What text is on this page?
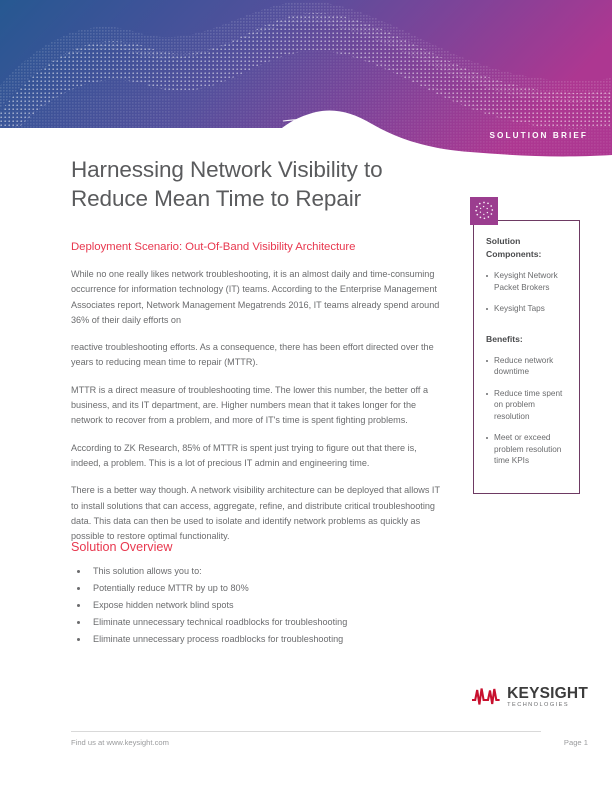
SOLUTION BRIEF
Harnessing Network Visibility to Reduce Mean Time to Repair
Deployment Scenario: Out-Of-Band Visibility Architecture

While no one really likes network troubleshooting, it is an almost daily and time-consuming occurrence for information technology (IT) teams. According to the Enterprise Management Associates report, Network Management Megatrends 2016, IT teams already spend around 36% of their daily efforts on

reactive troubleshooting efforts. As a consequence, there has been effort directed over the years to reducing mean time to repair (MTTR).

MTTR is a direct measure of troubleshooting time. The lower this number, the better off a business, and its IT department, are. Higher numbers mean that it takes longer for the network to recover from a problem, and more of IT's time is spent fighting problems.

According to ZK Research, 85% of MTTR is spent just trying to figure out that there is, indeed, a problem. This is a lot of precious IT admin and engineering time.

There is a better way though. A network visibility architecture can be deployed that allows IT to install solutions that can access, aggregate, refine, and distribute critical troubleshooting data. This data can then be used to isolate and identify network problems as quickly as possible to restore optimal functionality.

Solution Overview
This solution allows you to:
Potentially reduce MTTR by up to 80%
Expose hidden network blind spots
Eliminate unnecessary technical roadblocks for troubleshooting
Eliminate unnecessary process roadblocks for troubleshooting
Solution Components:
Keysight Network Packet Brokers
Keysight Taps
Benefits:
Reduce network downtime
Reduce time spent on problem resolution
Meet or exceed problem resolution time KPIs
KEYSIGHT
TECHNOLOGIES
Find us at www.keysight.com	Page 1
